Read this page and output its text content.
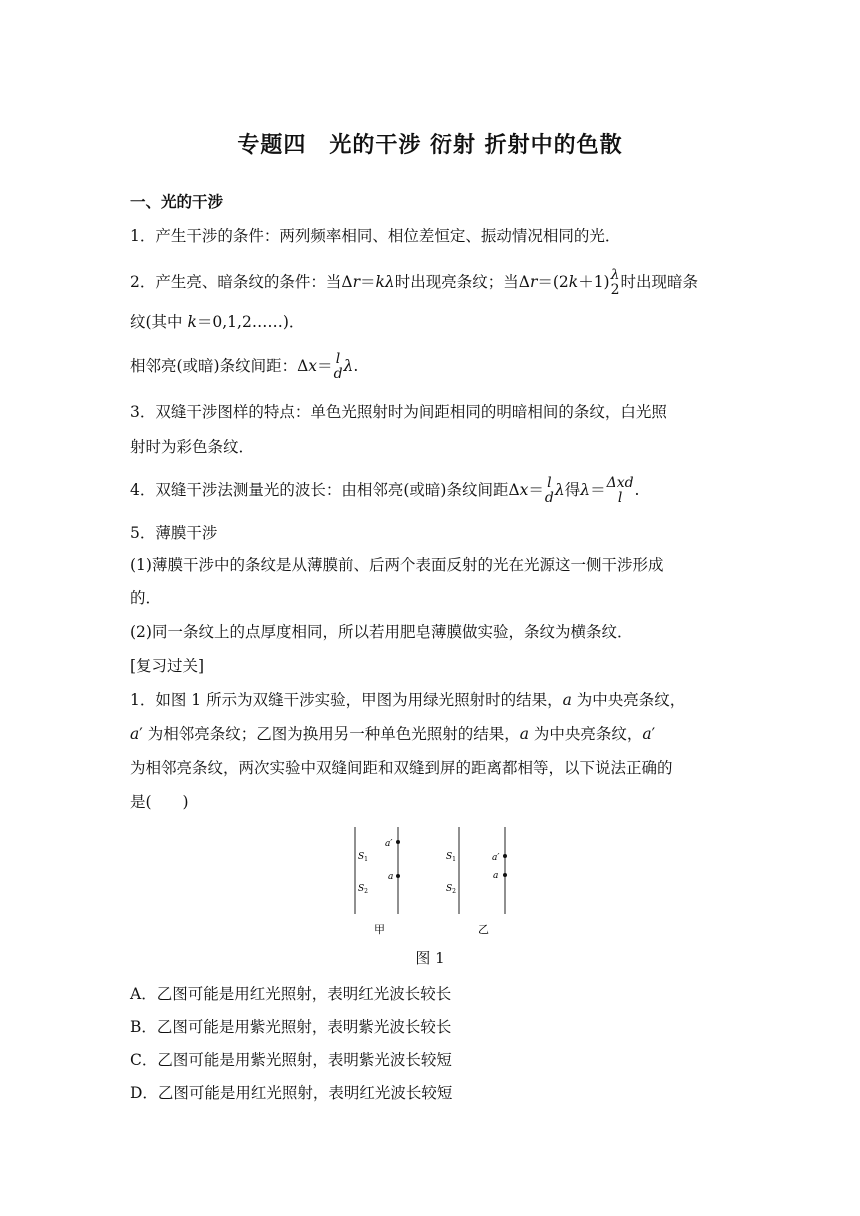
专题四　光的干涉 衍射 折射中的色散
一、光的干涉
1．产生干涉的条件：两列频率相同、相位差恒定、振动情况相同的光．
2．产生亮、暗条纹的条件：当Δr＝kλ时出现亮条纹；当Δr＝(2k＋1) λ
2 时出现暗条
纹(其中 k＝0,1,2……)．
相邻亮(或暗)条纹间距：Δx＝ l
d λ.
3．双缝干涉图样的特点：单色光照射时为间距相同的明暗相间的条纹，白光照
射时为彩色条纹．
4．双缝干涉法测量光的波长：由相邻亮(或暗)条纹间距Δx＝ l
d λ得λ＝ Δxd
l .
5．薄膜干涉
(1)薄膜干涉中的条纹是从薄膜前、后两个表面反射的光在光源这一侧干涉形成
的．
(2)同一条纹上的点厚度相同，所以若用肥皂薄膜做实验，条纹为横条纹．
[复习过关]
1．如图 1 所示为双缝干涉实验，甲图为用绿光照射时的结果，a 为中央亮条纹，
a′ 为相邻亮条纹；乙图为换用另一种单色光照射的结果，a 为中央亮条纹，a′
为相邻亮条纹，两次实验中双缝间距和双缝到屏的距离都相等，以下说法正确的
是(　　)
$S_1$
$S_2$
a′
a
甲
$S_1$
$S_2$
a′
a
乙
图 1
A．乙图可能是用红光照射，表明红光波长较长
B．乙图可能是用紫光照射，表明紫光波长较长
C．乙图可能是用紫光照射，表明紫光波长较短
D．乙图可能是用红光照射，表明红光波长较短
